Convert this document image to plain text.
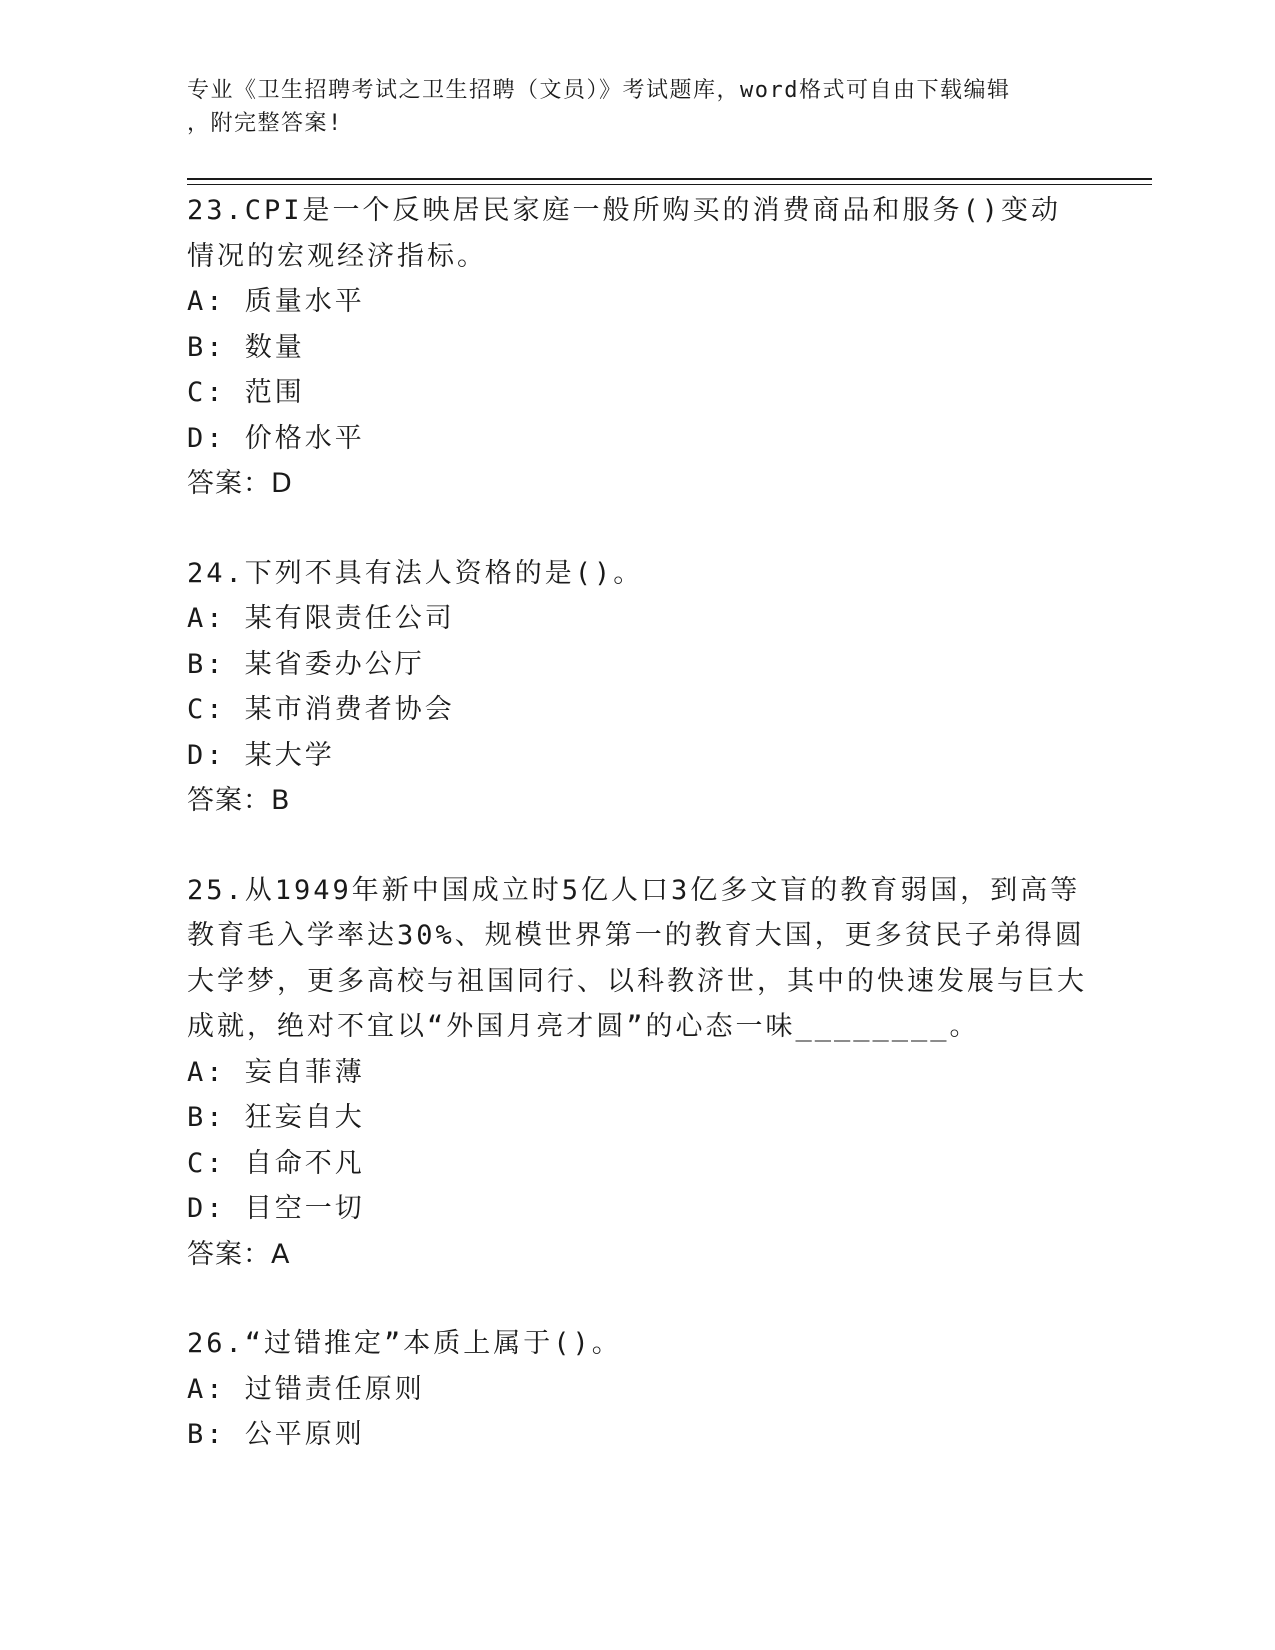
专业《卫生招聘考试之卫生招聘（文员）》考试题库，word格式可自由下载编辑
，附完整答案!
23.CPI是一个反映居民家庭一般所购买的消费商品和服务()变动情况的宏观经济指标。
A: 质量水平
B: 数量
C: 范围
D: 价格水平
答案：D
24.下列不具有法人资格的是()。
A: 某有限责任公司
B: 某省委办公厅
C: 某市消费者协会
D: 某大学
答案：B
25.从1949年新中国成立时5亿人口3亿多文盲的教育弱国，到高等教育毛入学率达30%、规模世界第一的教育大国，更多贫民子弟得圆大学梦，更多高校与祖国同行、以科教济世，其中的快速发展与巨大成就，绝对不宜以“外国月亮才圆”的心态一味________。
A: 妄自菲薄
B: 狂妄自大
C: 自命不凡
D: 目空一切
答案：A
26.“过错推定”本质上属于()。
A: 过错责任原则
B: 公平原则
